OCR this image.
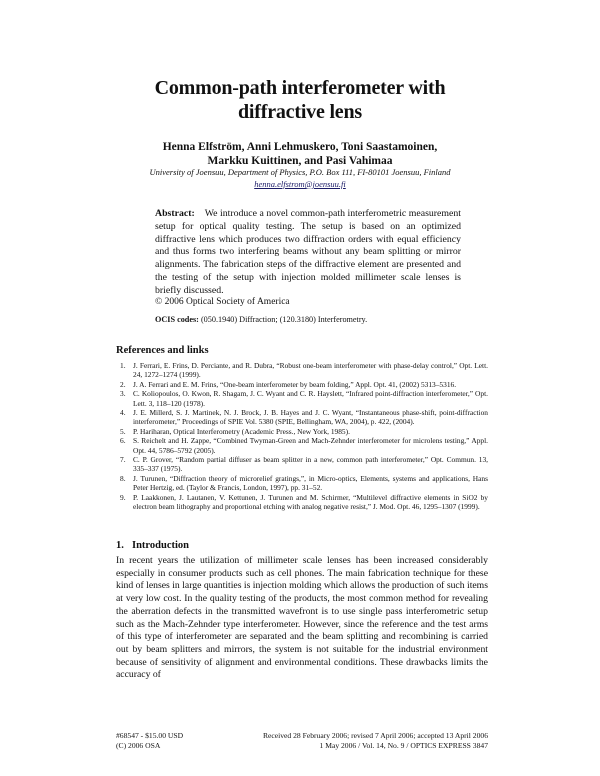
Common-path interferometer with
diffractive lens
Henna Elfström, Anni Lehmuskero, Toni Saastamoinen,
Markku Kuittinen, and Pasi Vahimaa
University of Joensuu, Department of Physics, P.O. Box 111, FI-80101 Joensuu, Finland
henna.elfstrom@joensuu.fi
Abstract: We introduce a novel common-path interferometric measurement setup for optical quality testing. The setup is based on an optimized diffractive lens which produces two diffraction orders with equal efficiency and thus forms two interfering beams without any beam splitting or mirror alignments. The fabrication steps of the diffractive element are presented and the testing of the setup with injection molded millimeter scale lenses is briefly discussed.
© 2006 Optical Society of America
OCIS codes: (050.1940) Diffraction; (120.3180) Interferometry.
References and links
1. J. Ferrari, E. Frins, D. Perciante, and R. Dubra, “Robust one-beam interferometer with phase-delay control,” Opt. Lett. 24, 1272–1274 (1999).
2. J. A. Ferrari and E. M. Frins, “One-beam interferometer by beam folding,” Appl. Opt. 41, (2002) 5313–5316.
3. C. Koliopoulos, O. Kwon, R. Shagam, J. C. Wyant and C. R. Hayslett, “Infrared point-diffraction interferometer,” Opt. Lett. 3, 118–120 (1978).
4. J. E. Millerd, S. J. Martinek, N. J. Brock, J. B. Hayes and J. C. Wyant, “Instantaneous phase-shift, point-diffraction interferometer,” Proceedings of SPIE Vol. 5380 (SPIE, Bellingham, WA, 2004), p. 422, (2004).
5. P. Hariharan, Optical Interferometry (Academic Press., New York, 1985).
6. S. Reichelt and H. Zappe, “Combined Twyman-Green and Mach-Zehnder interferometer for microlens testing,” Appl. Opt. 44, 5786–5792 (2005).
7. C. P. Grover, “Random partial diffuser as beam splitter in a new, common path interferometer,” Opt. Commun. 13, 335–337 (1975).
8. J. Turunen, “Diffraction theory of microrelief gratings,”, in Micro-optics, Elements, systems and applications, Hans Peter Hertzig, ed. (Taylor & Francis, London, 1997), pp. 31–52.
9. P. Laakkonen, J. Lautanen, V. Kettunen, J. Turunen and M. Schirmer, “Multilevel diffractive elements in SiO2 by electron beam lithography and proportional etching with analog negative resist,” J. Mod. Opt. 46, 1295–1307 (1999).
1. Introduction
In recent years the utilization of millimeter scale lenses has been increased considerably especially in consumer products such as cell phones. The main fabrication technique for these kind of lenses in large quantities is injection molding which allows the production of such items at very low cost. In the quality testing of the products, the most common method for revealing the aberration defects in the transmitted wavefront is to use single pass interferometric setup such as the Mach-Zehnder type interferometer. However, since the reference and the test arms of this type of interferometer are separated and the beam splitting and recombining is carried out by beam splitters and mirrors, the system is not suitable for the industrial environment because of sensitivity of alignment and environmental conditions. These drawbacks limits the accuracy of
#68547 - $15.00 USD
(C) 2006 OSA
Received 28 February 2006; revised 7 April 2006; accepted 13 April 2006
1 May 2006 / Vol. 14, No. 9 / OPTICS EXPRESS 3847
